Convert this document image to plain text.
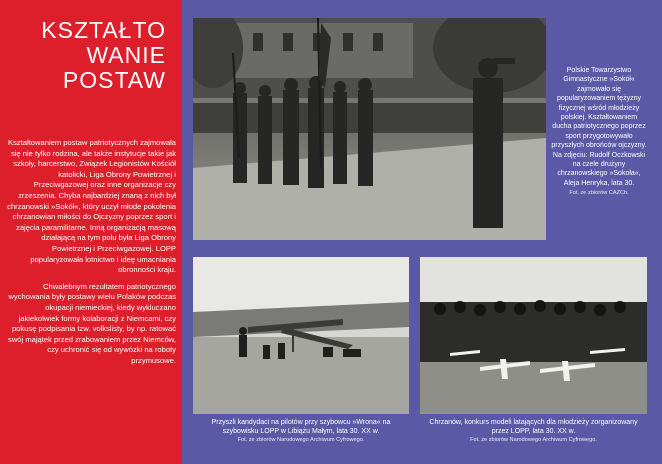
KSZTAŁTO
WANIE
POSTAW

Kształtowaniem postaw patriotycznych zajmowała się nie tylko rodzina, ale także instytucje takie jak szkoły, harcerstwo, Związek Legionistów Kościół katolicki, Liga Obrony Powietrznej i Przeciwgazowej oraz inne organizacje czy zrzeszenia. Chyba najbardziej znaną z nich był chrzanowski »Sokół«, który uczył młode pokolenia chrzanowian miłości do Ojczyzny poprzez sport i zajęcia paramilitarne. Inną organizacją masową działającą na tym polu była Liga Obrony Powietrznej i Przeciwgazowej. LOPP popularyzowała lotnictwo i ideę umacniania obronności kraju.

Chwalebnym rezultatem patriotycznego wychowania były postawy wielu Polaków podczas okupacji niemieckiej, kiedy wykluczano jakiekolwiek formy kolaboracji z Niemcami, czy pokusę podpisania tzw. volkslisty, by np. ratować swój majątek przed zrabowaniem przez Niemców, czy uchronić się od wywózki na roboty przymusowe.

Polskie Towarzystwo Gimnastyczne »Sokół« zajmowało się popularyzowaniem tężyzny fizycznej wśród młodzieży polskiej. Kształtowaniem ducha patriotycznego poprzez sport przygotowywało przyszłych obrońców ojczyzny. Na zdjęciu: Rudolf Oczkowski na czele drużyny chrzanowskiego »Sokoła«, Aleja Henryka, lata 30.
Fot. ze zbiorów CAZCh.
Przyszli kandydaci na pilotów przy szybowcu »Wrona« na szybowisku LOPP w Libiążu Małym, lata 30. XX w.
Fot. ze zbiorów Narodowego Archiwum Cyfrowego.
Chrzanów, konkurs modeli latających dla młodzieży zorganizowany przez LOPP, lata 30. XX w.
Fot. ze zbiorów Narodowego Archiwum Cyfrowego.
